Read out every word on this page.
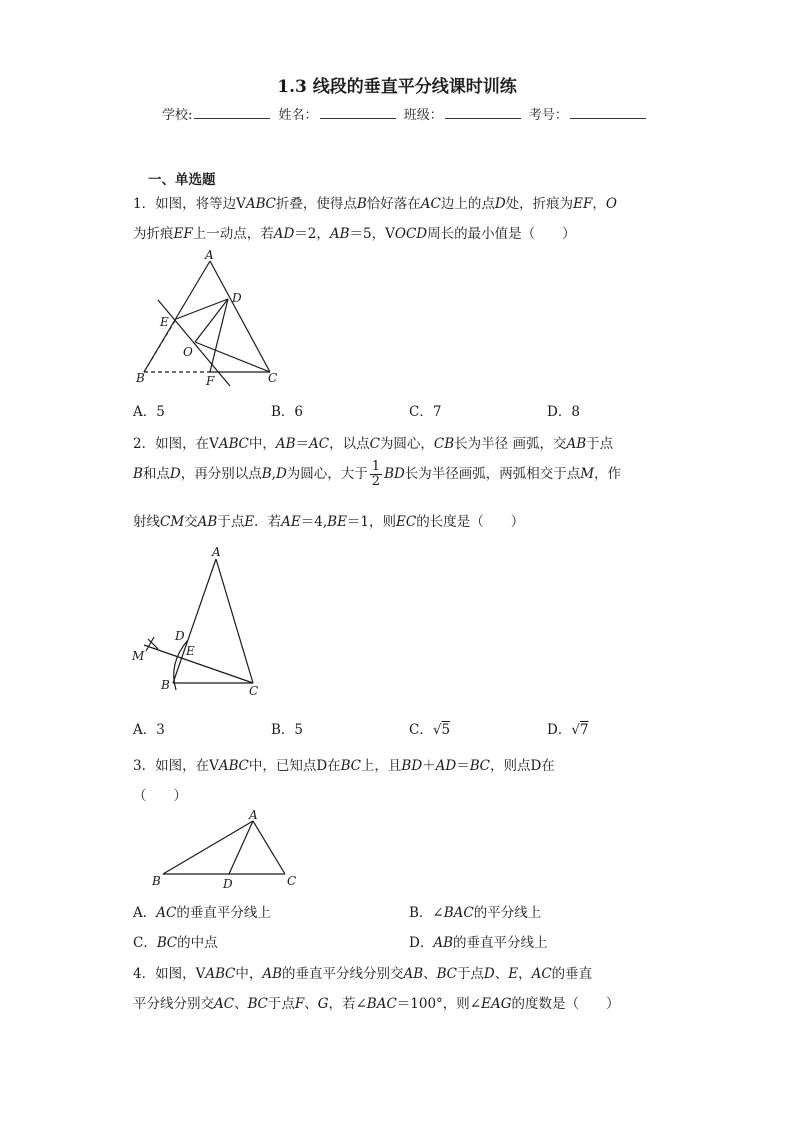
1.3 线段的垂直平分线课时训练
学校:	姓名：	班级：	考号：
一、单选题
1．如图，将等边V𝐴𝐵𝐶折叠，使得点𝐵恰好落在𝐴𝐶边上的点𝐷处，折痕为𝐸𝐹，𝑂
为折痕𝐸𝐹上一动点，若𝐴𝐷＝2，𝐴𝐵＝5，V𝑂𝐶𝐷周长的最小值是（　　）
A
D
E
O
B	F	C
A．5	B．6	C．7	D．8
2．如图，在V𝐴𝐵𝐶中，𝐴𝐵＝𝐴𝐶，以点𝐶为圆心，𝐶𝐵长为半径 画弧，交𝐴𝐵于点
𝐵和点𝐷，再分别以点𝐵,𝐷为圆心，大于 $\frac{1}{2}$ 𝐵𝐷长为半径画弧，两弧相交于点𝑀，作
射线𝐶𝑀交𝐴𝐵于点𝐸．若𝐴𝐸＝4,𝐵𝐸＝1，则𝐸𝐶的长度是（　　）
A
D
M	E
B	C
A．3	B．5	C．√5	D．√7
3．如图，在V𝐴𝐵𝐶中，已知点D在𝐵𝐶上，且𝐵𝐷＋𝐴𝐷＝𝐵𝐶，则点D在
（　　）
A
B	D	C
A．𝐴𝐶的垂直平分线上	B．∠𝐵𝐴𝐶的平分线上
C．𝐵𝐶的中点	D．𝐴𝐵的垂直平分线上
4．如图，V𝐴𝐵𝐶中，𝐴𝐵的垂直平分线分别交𝐴𝐵、𝐵𝐶于点𝐷、𝐸，𝐴𝐶的垂直
平分线分别交𝐴𝐶、𝐵𝐶于点𝐹、𝐺，若∠𝐵𝐴𝐶＝100°，则∠𝐸𝐴𝐺的度数是（　　）
